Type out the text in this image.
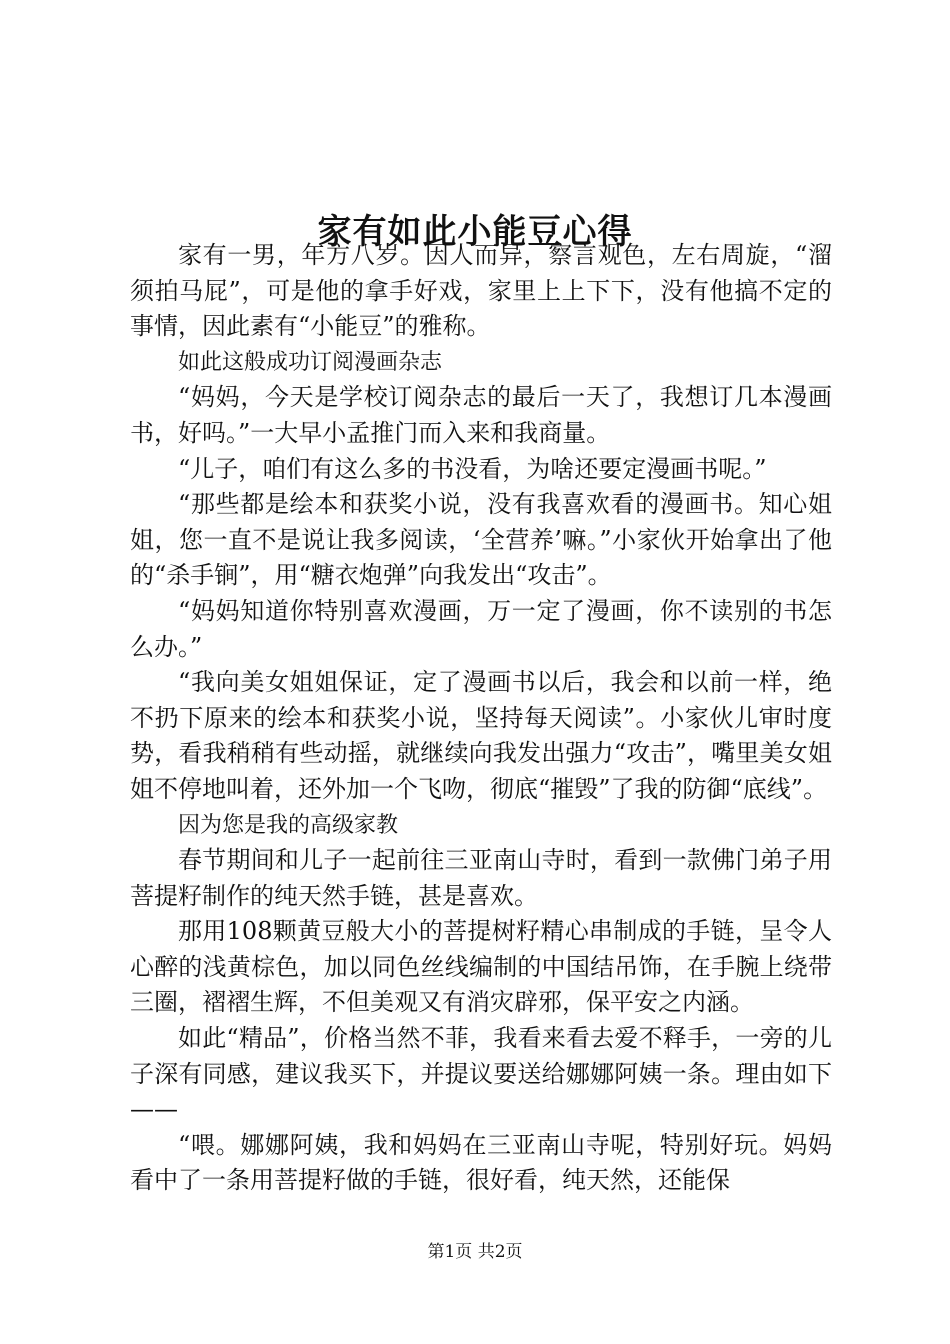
家有如此小能豆心得

家有一男，年方八岁。因人而异，察言观色，左右周旋，“溜须拍马屁”，可是他的拿手好戏，家里上上下下，没有他搞不定的事情，因此素有“小能豆”的雅称。

如此这般成功订阅漫画杂志

“妈妈，今天是学校订阅杂志的最后一天了，我想订几本漫画书，好吗。”一大早小孟推门而入来和我商量。

“儿子，咱们有这么多的书没看，为啥还要定漫画书呢。”

“那些都是绘本和获奖小说，没有我喜欢看的漫画书。知心姐姐，您一直不是说让我多阅读，‘全营养’嘛。”小家伙开始拿出了他的“杀手锏”，用“糖衣炮弹”向我发出“攻击”。

“妈妈知道你特别喜欢漫画，万一定了漫画，你不读别的书怎么办。”

“我向美女姐姐保证，定了漫画书以后，我会和以前一样，绝不扔下原来的绘本和获奖小说，坚持每天阅读”。小家伙儿审时度势，看我稍稍有些动摇，就继续向我发出强力“攻击”，嘴里美女姐姐不停地叫着，还外加一个飞吻，彻底“摧毁”了我的防御“底线”。

因为您是我的高级家教

春节期间和儿子一起前往三亚南山寺时，看到一款佛门弟子用菩提籽制作的纯天然手链，甚是喜欢。

那用108颗黄豆般大小的菩提树籽精心串制成的手链，呈令人心醉的浅黄棕色，加以同色丝线编制的中国结吊饰，在手腕上绕带三圈，褶褶生辉，不但美观又有消灾辟邪，保平安之内涵。

如此“精品”，价格当然不菲，我看来看去爱不释手，一旁的儿子深有同感，建议我买下，并提议要送给娜娜阿姨一条。理由如下——

“喂。娜娜阿姨，我和妈妈在三亚南山寺呢，特别好玩。妈妈看中了一条用菩提籽做的手链，很好看，纯天然，还能保

第1页 共2页
